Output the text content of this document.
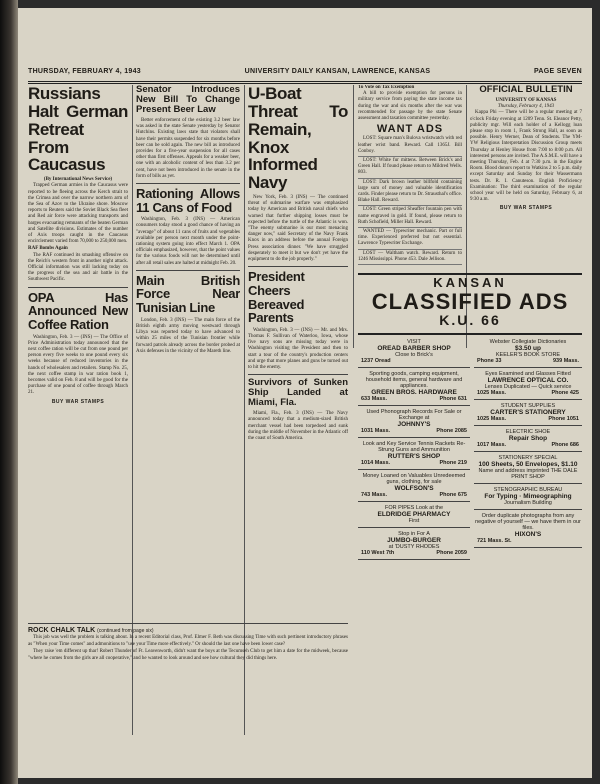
THURSDAY, FEBRUARY 4, 1943	UNIVERSITY DAILY KANSAN, LAWRENCE, KANSAS	PAGE SEVEN
Russians Halt German Retreat From Caucasus
(By International News Service)

Trapped German armies in the Caucasus were reported to be fleeing across the Kerch strait to the Crimea and over the narrow northern arm of the Sea of Azov to the Ukraine shore. Moscow reports to Reuters said the Soviet Black Sea fleet and Red air force were attacking transports and barges evacuating remnants of the beaten German and Satellite divisions. Estimates of the number of Axis troops caught in the Caucasus encirclement varied from 70,000 to 250,000 men.

RAF Bombs Again

The RAF continued its smashing offensive on the Reich's western front in another night attack. Official information was still lacking today on the progress of the sea and air battle in the Southwest Pacific.

OPA Has Announced New Coffee Ration

Washington, Feb. 3 — (INS) — The Office of Price Administration today announced that the next coffee ration will be cut from one pound per person every five weeks to one pound every six weeks because of reduced inventories in the hands of wholesalers and retailers. Stamp No. 25, the next coffee stamp in war ration book 1, becomes valid on Feb. 8 and will be good for the purchase of one pound of coffee through March 21.

BUY WAR STAMPS
Senator Introduces New Bill To Change Present Beer Law

Better enforcement of the existing 3.2 beer law was asked in the state Senate yesterday by Senator Hutchins. Existing laws state that violators shall have their permits suspended for six months before beer can be sold again. The new bill as introduced provides for a five-year suspension for all cases other than first offenses. Appeals for a weaker beer, one with an alcoholic content of less than 3.2 per cent, have not been introduced in the senate in the form of bills as yet.

Rationing Allows 11 Cans of Food

Washington, Feb. 3 (INS) — American consumers today stood a good chance of having an "average" of about 11 cans of fruits and vegetables available per person next month under the point-rationing system going into effect March 1. OPA officials emphasized, however, that the point values for the various foods will not be determined until after all retail sales are halted at midnight Feb. 20.

Main British Force Near Tunisian Line

London, Feb. 3 (INS) — The main force of the British eighth army moving westward through Libya was reported today to have advanced to within 25 miles of the Tunisian frontier while forward patrols already across the border probed at Axis defenses in the vicinity of the Mareth line.

U-Boat Threat To Remain, Knox Informed Navy

New York, Feb. 3 (INS) — The continued threat of submarine warfare was emphasized today by American and British naval chiefs who warned that further shipping losses must be expected before the turtle of the Atlantic is won. "The enemy submarine is our most menacing danger now," said Secretary of the Navy Frank Knox in an address before the annual Foreign Press association dinner. "We have struggled desperately to meet it but we don't yet have the equipment to do the job properly."

President Cheers Bereaved Parents

Washington, Feb. 3 — (INS) — Mr. and Mrs. Thomas F. Sullivan of Waterloo, Iowa, whose five navy sons are missing today were in Washington visiting the President and then to start a tour of the country's production centers and urge that more planes and guns be turned out to hit the enemy.

Survivors of Sunken Ship Landed at Miami, Fla.

Miami, Fla., Feb. 3 (INS) — The Navy announced today that a medium-sized British merchant vessel had been torpedoed and sunk during the middle of November in the Atlantic off the coast of South America.

To Vote on Tax Exemption

A bill to provide exemption for persons in military service from paying the state income tax during the war and six months after the war was recommended for passage by the state Senate assessment and taxation committee yesterday.

WANT ADS

LOST: Square man's Bulova wristwatch with red leather wrist band. Reward. Call 1365J. Bill Conboy.

LOST: White fur mittens. Between Brick's and Green Hall. If found please return to Mildred Wells. 803.

LOST: Dark brown leather billfold containing large sum of money and valuable identification cards. Finder please return to Dr. Strausthal's office. Blake Hall. Reward.

LOST: Green striped Sheaffer fountain pen with name engraved in gold. If found, please return to Ruth Schofield, Miller Hall. Reward.

WANTED — Typewriter mechanic. Part or full time. Experienced preferred but not essential. Lawrence Typewriter Exchange.

LOST — Waltham watch. Reward. Return to 1246 Mississippi. Phone 453. Dale Jellison.

OFFICIAL BULLETIN
UNIVERSITY OF KANSAS
Thursday, February 4, 1943

Kappa Phi — There will be a regular meeting at 7 o'clock Friday evening at 1209 Tenn. St. Eleanor Petty, publicity mgr. Will each holder of a Kellogg loan please stop in room 1, Frank Strong Hall, as soon as possible. Henry Werner, Dean of Students. The YM-YW Religious Interpretation Discussion Group meets Thursday at Henley House from 7:00 to 8:00 p.m. All interested persons are invited. The A.S.M.E. will have a meeting Thursday, Feb. 4 at 7:30 p.m. in the Engine Room. Blood donors report to Watkins 2 to 5 p.m. daily except Saturday and Sunday for their Wassermann tests. Dr. R. I. Canuteson. English Proficiency Examination: The third examination of the regular school year will be held on Saturday, February 6, at 9:30 a.m.

BUY WAR STAMPS
KANSAN
CLASSIFIED ADS
K.U. 66
VISIT
OREAD BARBER SHOP
Close to Brick's
1237 Oread
Sporting goods, camping equipment, household items, general hardware and appliances.
GREEN BROS. HARDWARE
633 Mass.	Phone 631
Used Phonograph Records For Sale or Exchange at
JOHNNY'S
1031 Mass.	Phone 2085
Look and Key Service Tennis Rackets Re-Strung Guns and Ammunition
RUTTER'S SHOP
1014 Mass.	Phone 219
Money Loaned on Valuables Unredeemed guns, clothing, for sale
WOLFSON'S
743 Mass.	Phone 675
FOR PIPES Look at the
ELDRIDGE PHARMACY
First
Stop in For A
JUMBO-BURGER
at 'DUSTY RHODES
110 West 7th	Phone 2059
Webster Collegiate Dictionaries
$3.50 up
KEELER'S BOOK STORE
Phone 33	939 Mass.
Eyes Examined and Glasses Fitted
LAWRENCE OPTICAL CO.
Lenses Duplicated — Quick service
1025 Mass.	Phone 425
STUDENT SUPPLIES
CARTER'S STATIONERY
1025 Mass.	Phone 1051
ELECTRIC SHOE
Repair Shop
1017 Mass.	Phone 686
STATIONERY SPECIAL
100 Sheets, 50 Envelopes, $1.10
Name and address imprinted THE DALE PRINT SHOP
STENOGRAPHIC BUREAU
For Typing · Mimeographing
Journalism Building
Order duplicate photographs from any negative of yourself — we have them in our files.
HIXON'S
721 Mass. St.
ROCK CHALK TALK (continued from page six)

This job was well the problem is talking about. In a recent Editorial class, Prof. Elmer F. Beth was discussing Time with such pertinent introductory phrases as "When your Time comes" and admonitions to "use your Time more effectively." Or should the last one have been lower case?

They raise 'em different up thar! Robert Thunder of Ft. Leavenworth, didn't want the boys at the Tecumseh Club to get him a date for the midweek, because "where he comes from the girls are all cooperative," and he wanted to look around and see how cultural they did things here.
